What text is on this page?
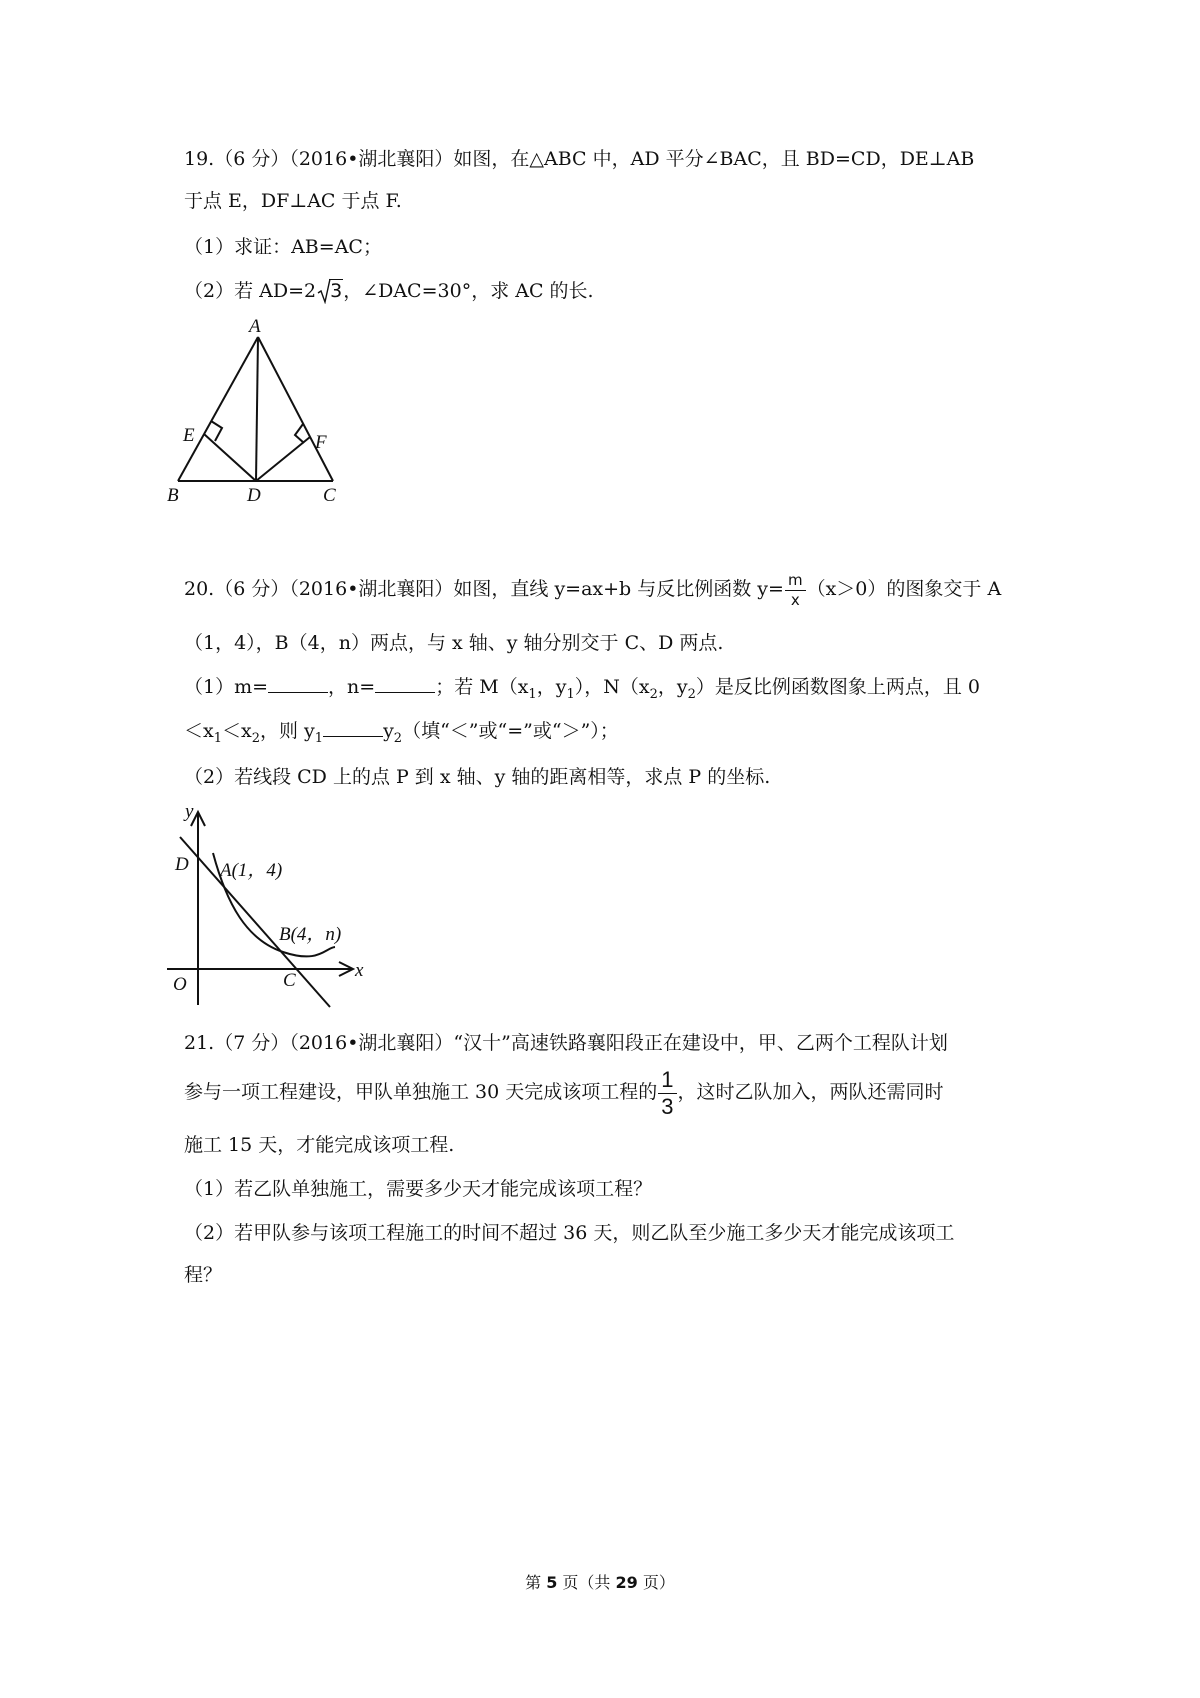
19.（6 分）（2016•湖北襄阳）如图，在△ABC 中，AD 平分∠BAC，且 BD=CD，DE⊥AB
于点 E，DF⊥AC 于点 F.
（1）求证：AB=AC；
（2）若 AD=2 3，∠DAC=30°，求 AC 的长.
A
B	C
D
E	F
20.（6 分）（2016•湖北襄阳）如图，直线 y=ax+b 与反比例函数 $y= \frac{m}{x} (x>0)$的图象交于 A
（1，4），B（4，n）两点，与 x 轴、y 轴分别交于 C、D 两点.
（1）m=	，n=	；若 $M(x_1$，$y_1$），$N(x_2$，$y_2$）是反比例函数图象上两点，且 0
$<x_1<x_2$，则 $y_1$	$y_2$（填“＜”或“=”或“＞”）；
（2）若线段 CD 上的点 P 到 x 轴、y 轴的距离相等，求点 P 的坐标.
y
x
O
D
C
A(1，4)
B(4，n)
21.（7 分）（2016•湖北襄阳）“汉十”高速铁路襄阳段正在建设中，甲、乙两个工程队计划
参与一项工程建设，甲队单独施工 30 天完成该项工程的 $\frac{1}{3}$ ，这时乙队加入，两队还需同时
施工 15 天，才能完成该项工程.
（1）若乙队单独施工，需要多少天才能完成该项工程？
（2）若甲队参与该项工程施工的时间不超过 36 天，则乙队至少施工多少天才能完成该项工
程？
第 5 页（共 29 页）
